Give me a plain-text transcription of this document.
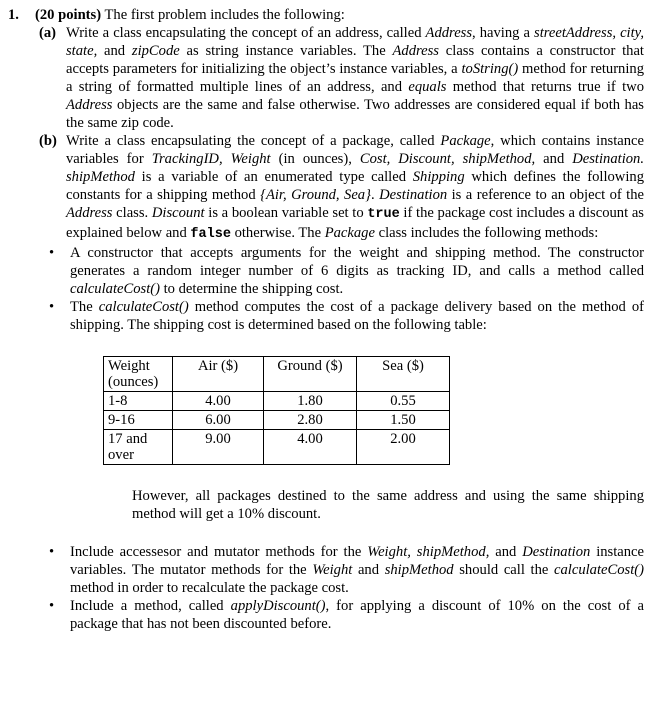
1. (20 points) The first problem includes the following:
(a) Write a class encapsulating the concept of an address, called Address, having a streetAddress, city, state, and zipCode as string instance variables. The Address class contains a constructor that accepts parameters for initializing the object’s instance variables, a toString() method for returning a string of formatted multiple lines of an address, and equals method that returns true if two Address objects are the same and false otherwise. Two addresses are considered equal if both has the same zip code.
(b) Write a class encapsulating the concept of a package, called Package, which contains instance variables for TrackingID, Weight (in ounces), Cost, Discount, shipMethod, and Destination. shipMethod is a variable of an enumerated type called Shipping which defines the following constants for a shipping method {Air, Ground, Sea}. Destination is a reference to an object of the Address class. Discount is a boolean variable set to true if the package cost includes a discount as explained below and false otherwise. The Package class includes the following methods:
• A constructor that accepts arguments for the weight and shipping method. The constructor generates a random integer number of 6 digits as tracking ID, and calls a method called calculateCost() to determine the shipping cost.
• The calculateCost() method computes the cost of a package delivery based on the method of shipping. The shipping cost is determined based on the following table:
Weight (ounces)	Air ($)	Ground ($)	Sea ($)
1-8	4.00	1.80	0.55
9-16	6.00	2.80	1.50
17 and over	9.00	4.00	2.00
However, all packages destined to the same address and using the same shipping method will get a 10% discount.
• Include accessesor and mutator methods for the Weight, shipMethod, and Destination instance variables. The mutator methods for the Weight and shipMethod should call the calculateCost() method in order to recalculate the package cost.
• Include a method, called applyDiscount(), for applying a discount of 10% on the cost of a package that has not been discounted before.
